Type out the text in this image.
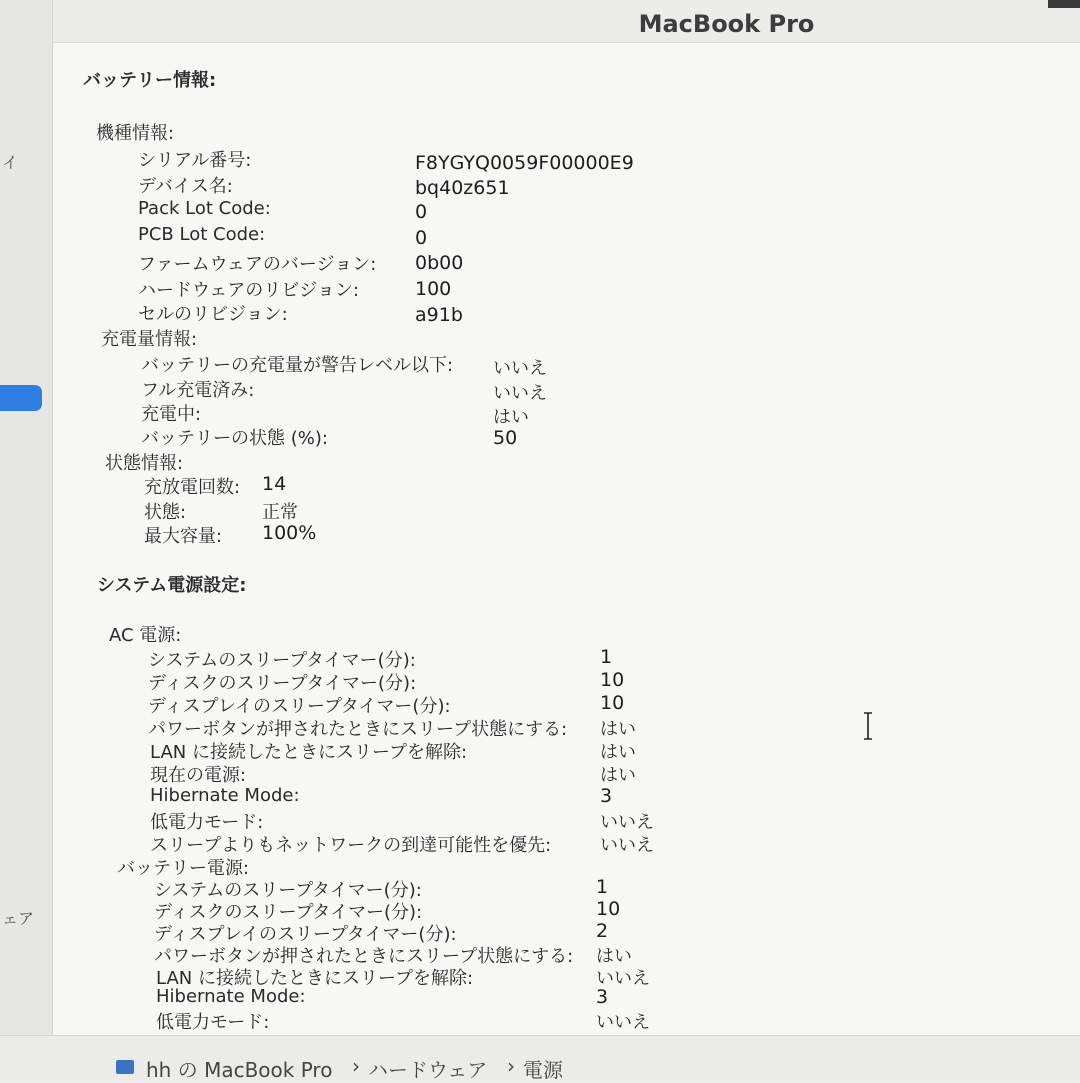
イ
ェア
MacBook Pro
バッテリー情報:
機種情報:
シリアル番号:	F8YGYQ0059F00000E9
デバイス名:	bq40z651
Pack Lot Code:	0
PCB Lot Code:	0
ファームウェアのバージョン: 0b00
ハードウェアのリビジョン:	100
セルのリビジョン:	a91b
充電量情報:
バッテリーの充電量が警告レベル以下: いいえ
フル充電済み:	いいえ
充電中:	はい
バッテリーの状態 (%):	50
状態情報:
充放電回数: 14
状態:	正常
最大容量: 100%
システム電源設定:
AC 電源:
システムのスリープタイマー(分):	1
ディスクのスリープタイマー(分):	10
ディスプレイのスリープタイマー(分):	10
パワーボタンが押されたときにスリープ状態にする: はい
LAN に接続したときにスリープを解除:	はい
現在の電源:	はい
Hibernate Mode:	3
低電力モード:	いいえ
スリープよりもネットワークの到達可能性を優先:	いいえ
バッテリー電源:
システムのスリープタイマー(分):	1
ディスクのスリープタイマー(分):	10
ディスプレイのスリープタイマー(分):	2
パワーボタンが押されたときにスリープ状態にする: はい
LAN に接続したときにスリープを解除:	いいえ
Hibernate Mode:	3
低電力モード:	いいえ
hh の MacBook Pro › ハードウェア › 電源
